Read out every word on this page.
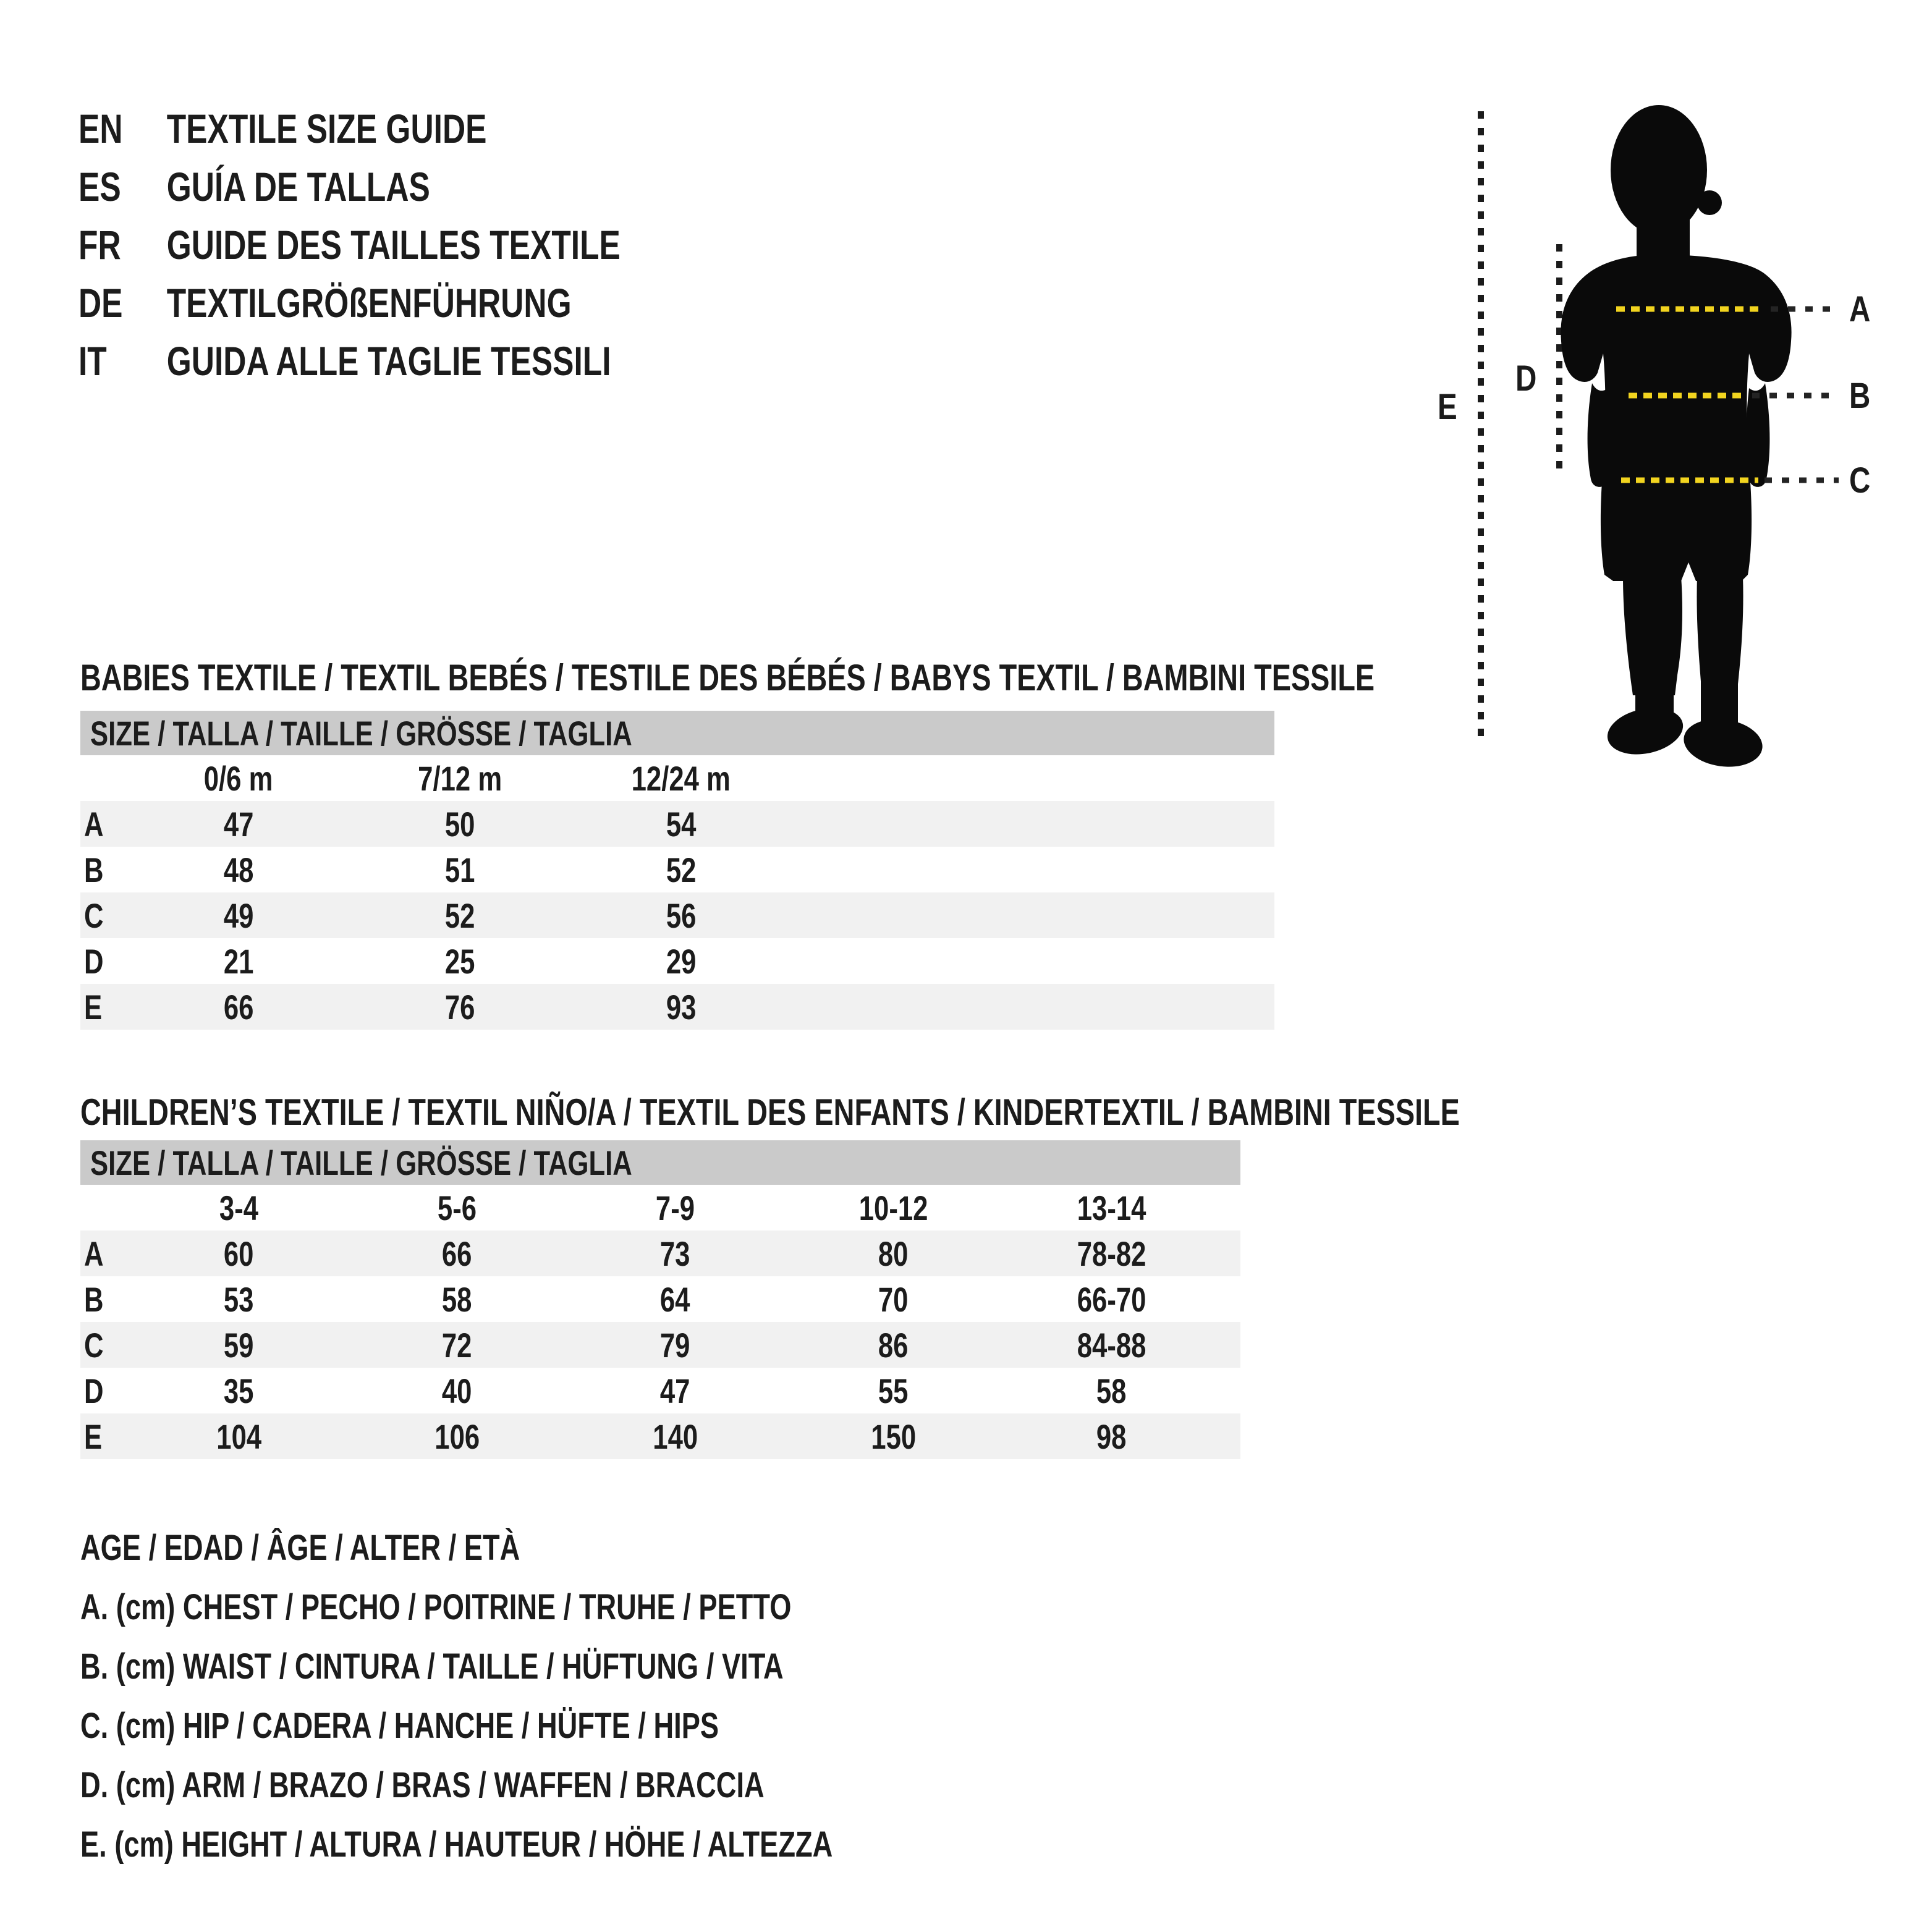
EN TEXTILE SIZE GUIDE
ES GUÍA DE TALLAS
FR GUIDE DES TAILLES TEXTILE
DE TEXTILGRÖßENFÜHRUNG
IT GUIDA ALLE TAGLIE TESSILI
A
B
C
D
E
BABIES TEXTILE / TEXTIL BEBÉS / TESTILE DES BÉBÉS / BABYS TEXTIL / BAMBINI TESSILE
CHILDREN’S TEXTILE / TEXTIL NIÑO/A / TEXTIL DES ENFANTS / KINDERTEXTIL / BAMBINI TESSILE
SIZE / TALLA / TAILLE / GRÖSSE / TAGLIA
0/6 m	7/12 m	12/24 m
A	47	50	54
B	48	51	52
C	49	52	56
D	21	25	29
E	66	76	93
SIZE / TALLA / TAILLE / GRÖSSE / TAGLIA
3-4	5-6	7-9	10-12	13-14
A	60	66	73	80	78-82
B	53	58	64	70	66-70
C	59	72	79	86	84-88
D	35	40	47	55	58
E	104	106	140	150	98
AGE / EDAD / ÂGE / ALTER / ETÀ
A. (cm) CHEST / PECHO / POITRINE / TRUHE / PETTO
B. (cm) WAIST / CINTURA / TAILLE / HÜFTUNG / VITA
C. (cm) HIP / CADERA / HANCHE / HÜFTE / HIPS
D. (cm) ARM / BRAZO / BRAS / WAFFEN / BRACCIA
E. (cm) HEIGHT / ALTURA / HAUTEUR / HÖHE / ALTEZZA
